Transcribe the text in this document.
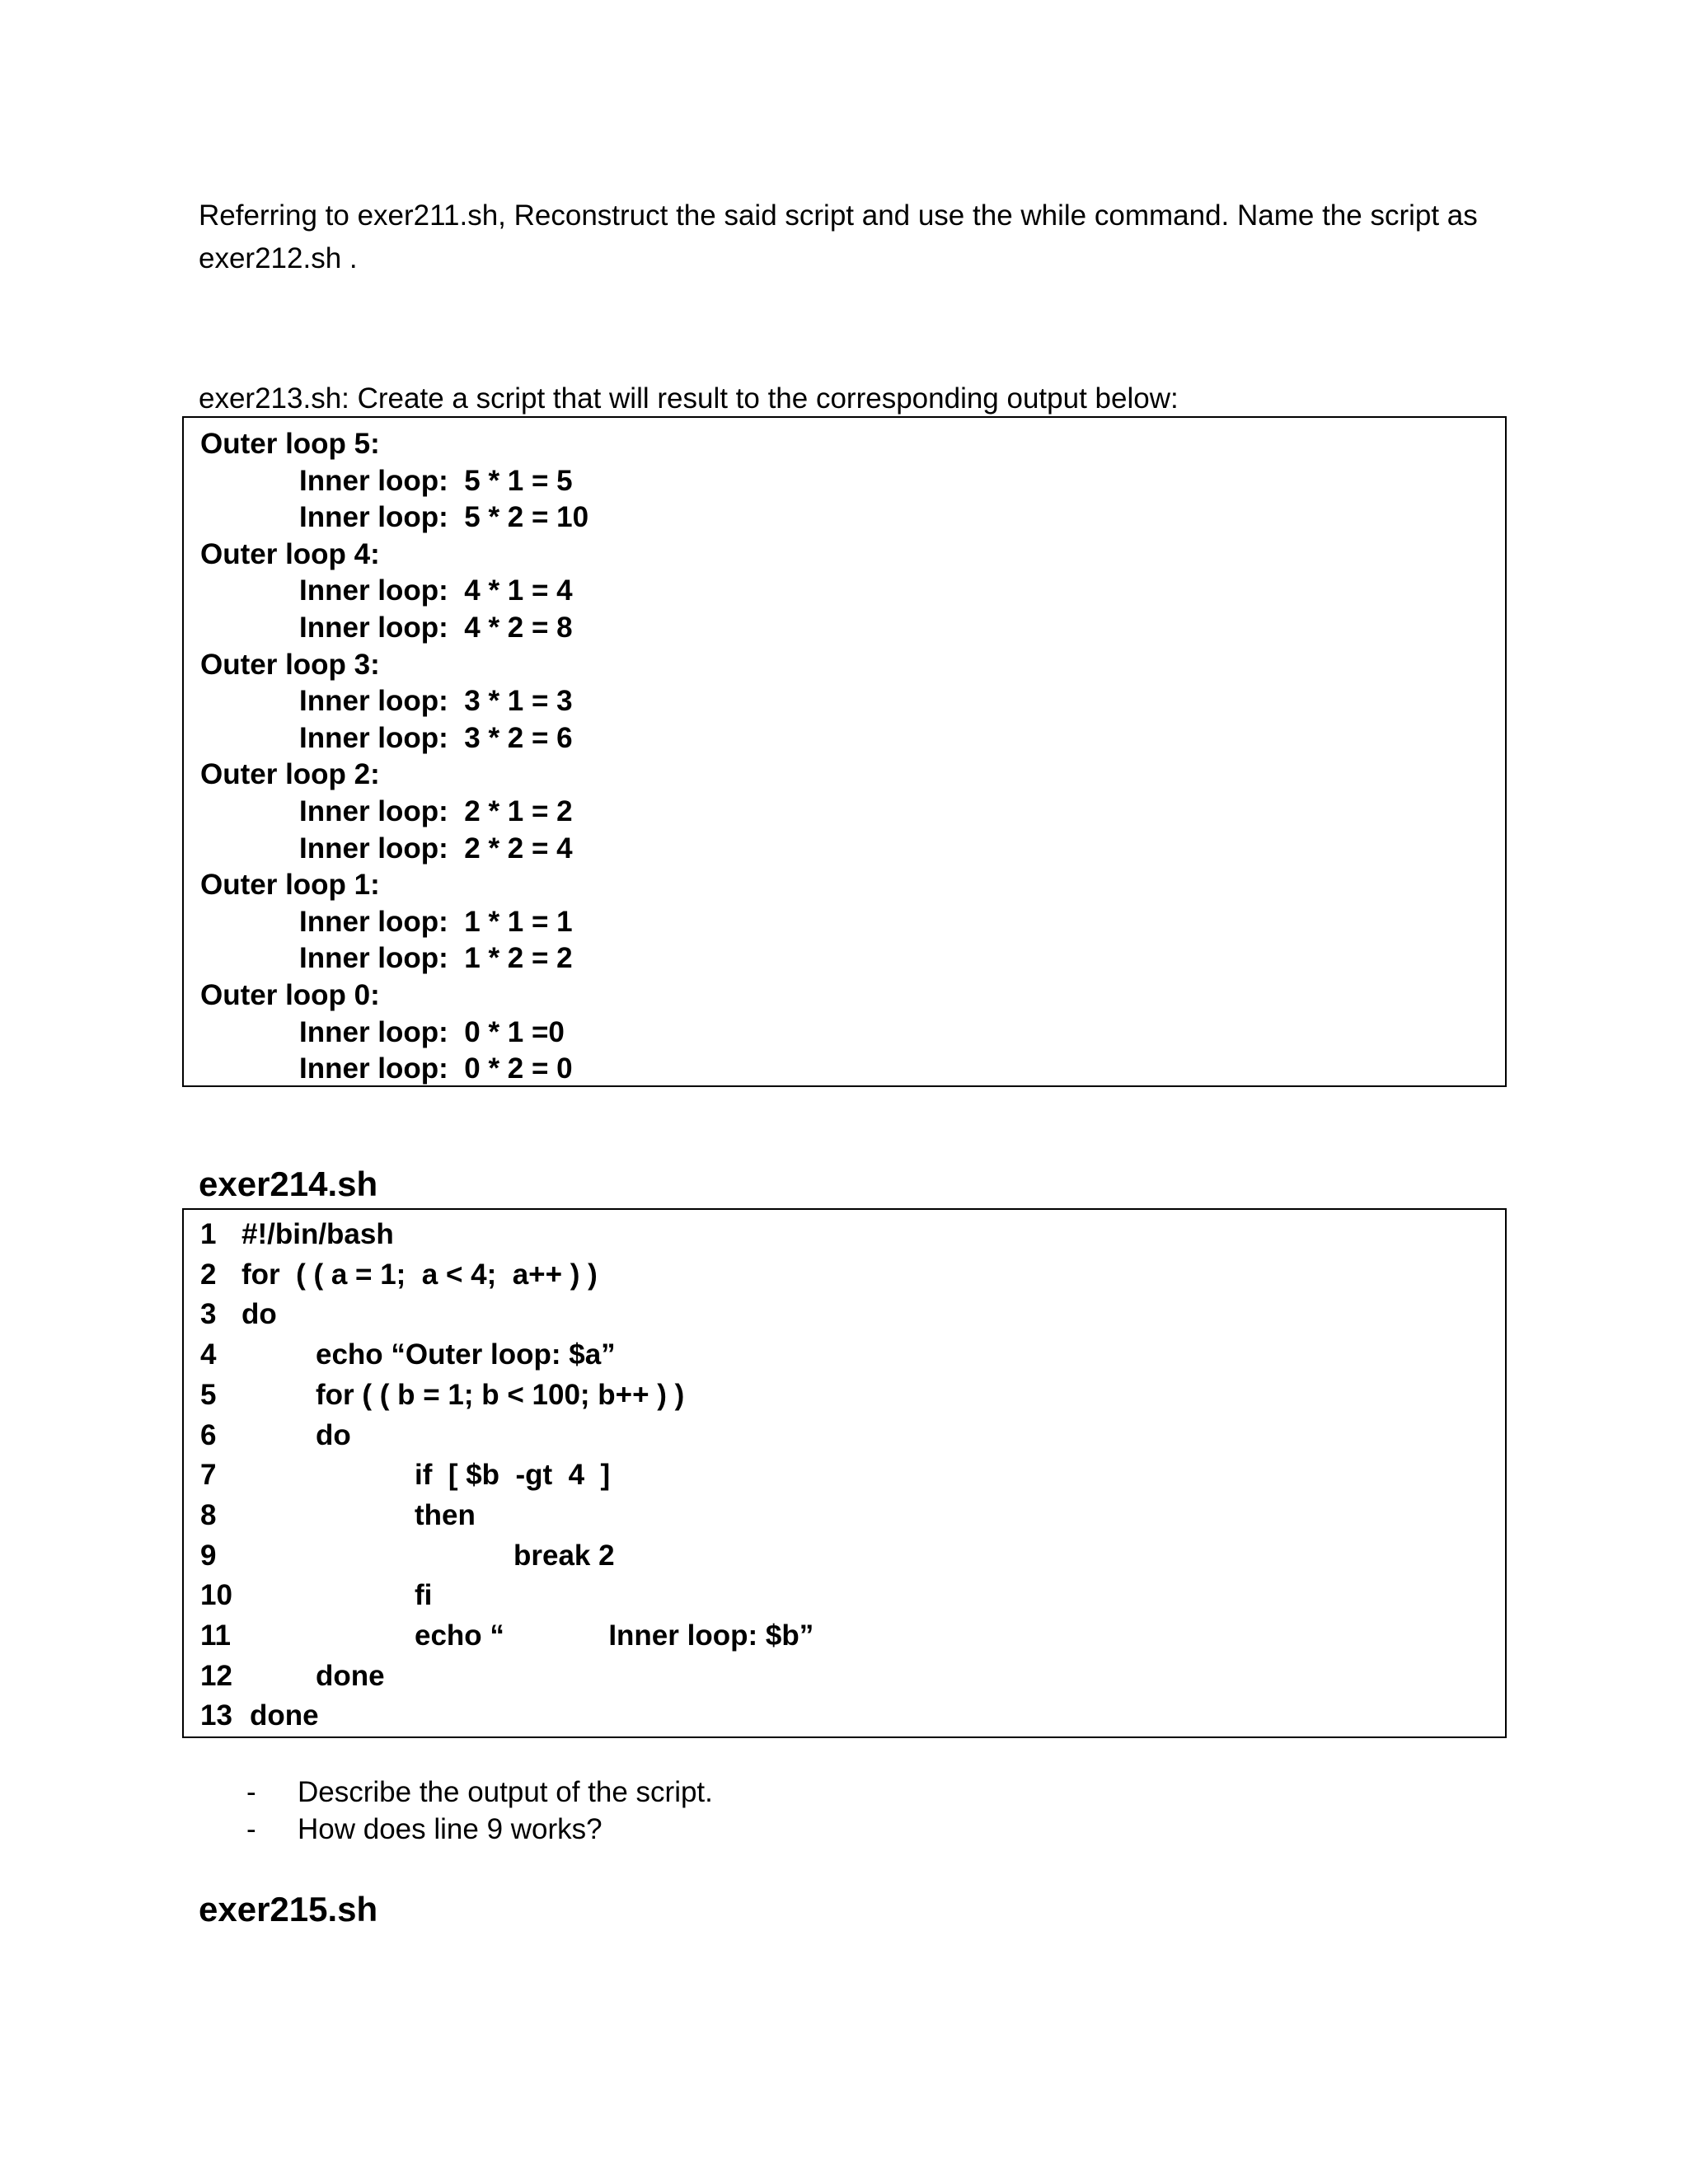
Referring to exer211.sh, Reconstruct the said script and use the while command. Name the script as
exer212.sh .
exer213.sh: Create a script that will result to the corresponding output below:
Outer loop 5:
Inner loop:  5 * 1 = 5
Inner loop:  5 * 2 = 10
Outer loop 4:
Inner loop:  4 * 1 = 4
Inner loop:  4 * 2 = 8
Outer loop 3:
Inner loop:  3 * 1 = 3
Inner loop:  3 * 2 = 6
Outer loop 2:
Inner loop:  2 * 1 = 2
Inner loop:  2 * 2 = 4
Outer loop 1:
Inner loop:  1 * 1 = 1
Inner loop:  1 * 2 = 2
Outer loop 0:
Inner loop:  0 * 1 =0
Inner loop:  0 * 2 = 0
exer214.sh
1 #!/bin/bash
2 for  ( ( a = 1;  a < 4;  a++ ) )
3 do
4	echo “Outer loop: $a”
5	for ( ( b = 1; b < 100; b++ ) )
6	do
7	if  [ $b  -gt  4  ]
8	then
9	break 2
10	fi
11	echo “             Inner loop: $b”
12	done
13 done
- Describe the output of the script.
- How does line 9 works?
exer215.sh
